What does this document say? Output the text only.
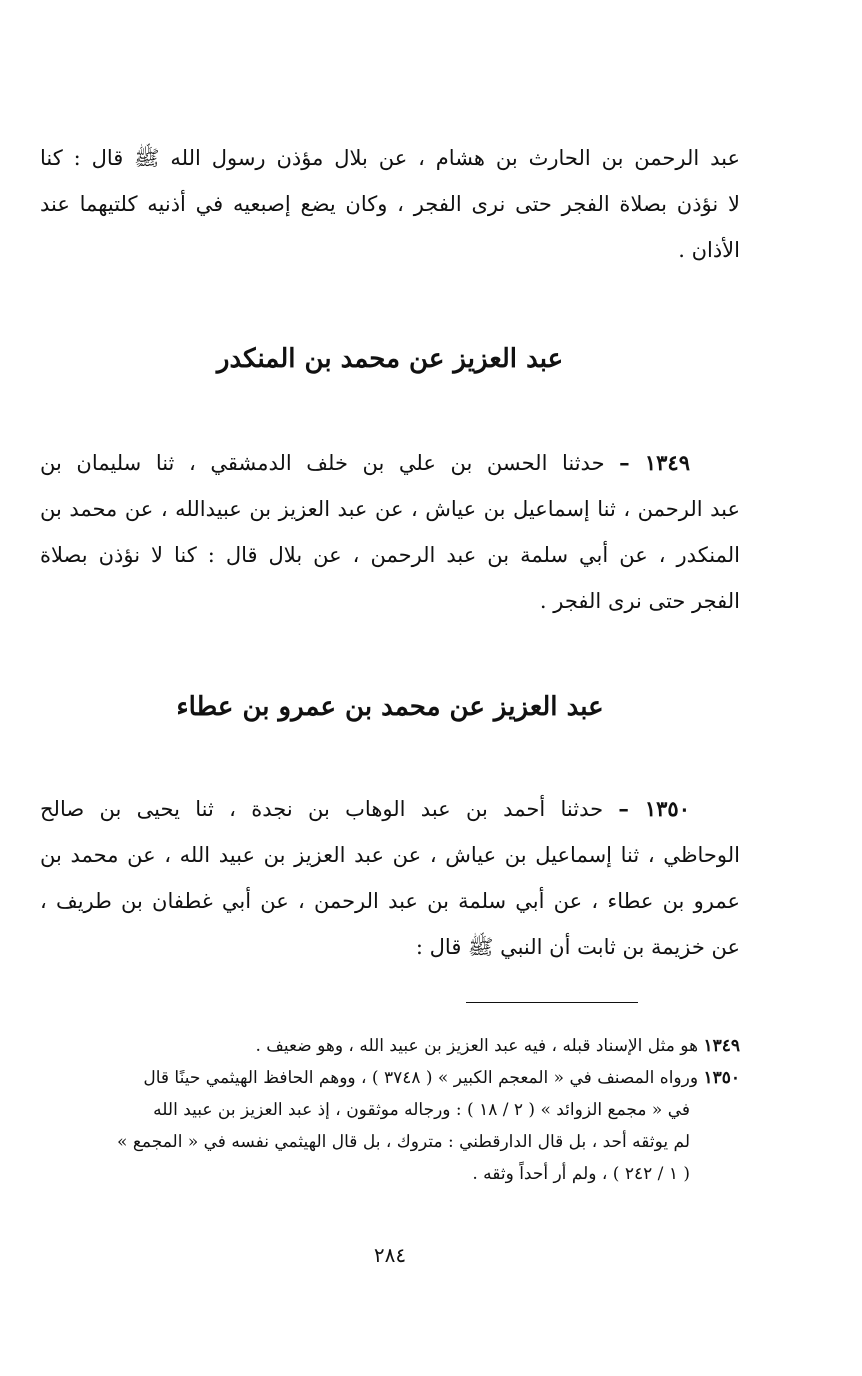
عبد الرحمن بن الحارث بن هشام ، عن بلال مؤذن رسول الله ﷺ قال : كنا
لا نؤذن بصلاة الفجر حتى نرى الفجر ، وكان يضع إصبعيه في أذنيه كلتيهما عند
الأذان .
عبد العزيز عن محمد بن المنكدر
١٣٤٩ – حدثنا الحسن بن علي بن خلف الدمشقي ، ثنا سليمان بن
عبد الرحمن ، ثنا إسماعيل بن عياش ، عن عبد العزيز بن عبيدالله ، عن محمد بن
المنكدر ، عن أبي سلمة بن عبد الرحمن ، عن بلال قال : كنا لا نؤذن بصلاة
الفجر حتى نرى الفجر .
عبد العزيز عن محمد بن عمرو بن عطاء
١٣٥٠ – حدثنا أحمد بن عبد الوهاب بن نجدة ، ثنا يحيى بن صالح
الوحاظي ، ثنا إسماعيل بن عياش ، عن عبد العزيز بن عبيد الله ، عن محمد بن
عمرو بن عطاء ، عن أبي سلمة بن عبد الرحمن ، عن أبي غطفان بن طريف ،
عن خزيمة بن ثابت أن النبي ﷺ قال :
١٣٤٩ هو مثل الإسناد قبله ، فيه عبد العزيز بن عبيد الله ، وهو ضعيف .
١٣٥٠ ورواه المصنف في « المعجم الكبير » ( ٣٧٤٨ ) ، ووهم الحافظ الهيثمي حينًا قال
في « مجمع الزوائد » ( ٢ / ١٨ ) : ورجاله موثقون ، إذ عبد العزيز بن عبيد الله
لم يوثقه أحد ، بل قال الدارقطني : متروك ، بل قال الهيثمي نفسه في « المجمع »
( ١ / ٢٤٢ ) ، ولم أر أحداً وثقه .
٢٨٤
